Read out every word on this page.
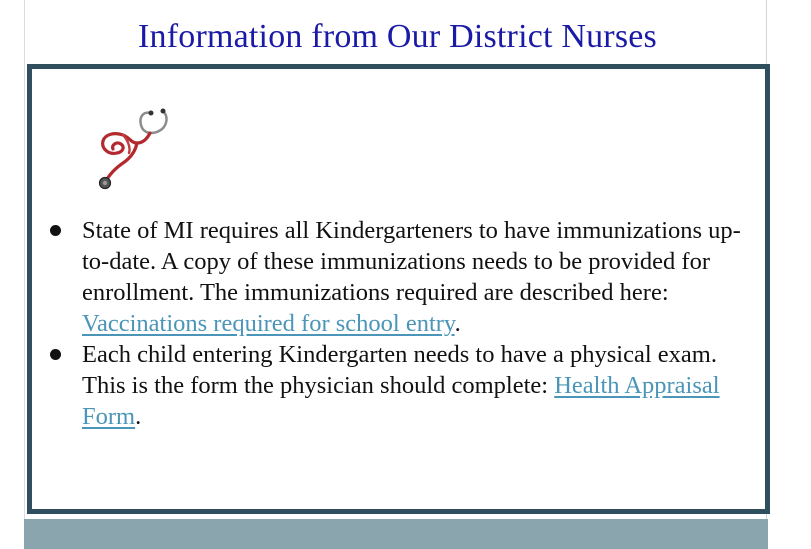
Information from Our District Nurses
State of MI requires all Kindergarteners to have immunizations up-to-date. A copy of these immunizations needs to be provided for enrollment. The immunizations required are described here: Vaccinations required for school entry.
Each child entering Kindergarten needs to have a physical exam. This is the form the physician should complete: Health Appraisal Form.
